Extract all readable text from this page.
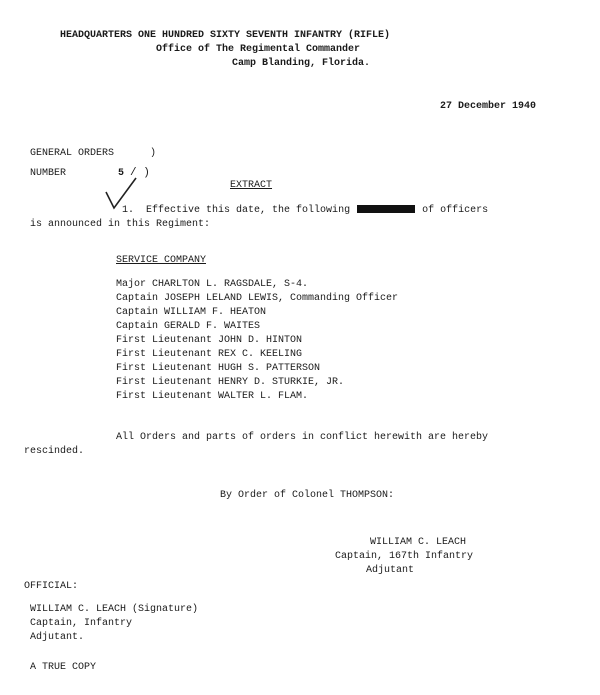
HEADQUARTERS ONE HUNDRED SIXTY SEVENTH INFANTRY (RIFLE)
Office of The Regimental Commander
Camp Blanding, Florida.
27 December 1940
GENERAL ORDERS	)
NUMBER	5 / )
EXTRACT
1. Effective this date, the following	of officers
is announced in this Regiment:
SERVICE COMPANY
Major CHARLTON L. RAGSDALE, S-4.
Captain JOSEPH LELAND LEWIS, Commanding Officer
Captain WILLIAM F. HEATON
Captain GERALD F. WAITES
First Lieutenant JOHN D. HINTON
First Lieutenant REX C. KEELING
First Lieutenant HUGH S. PATTERSON
First Lieutenant HENRY D. STURKIE, JR.
First Lieutenant WALTER L. FLAM.
All Orders and parts of orders in conflict herewith are hereby
rescinded.
By Order of Colonel THOMPSON:
WILLIAM C. LEACH
Captain, 167th Infantry
Adjutant
OFFICIAL:
WILLIAM C. LEACH (Signature)
Captain, Infantry
Adjutant.
A TRUE COPY
